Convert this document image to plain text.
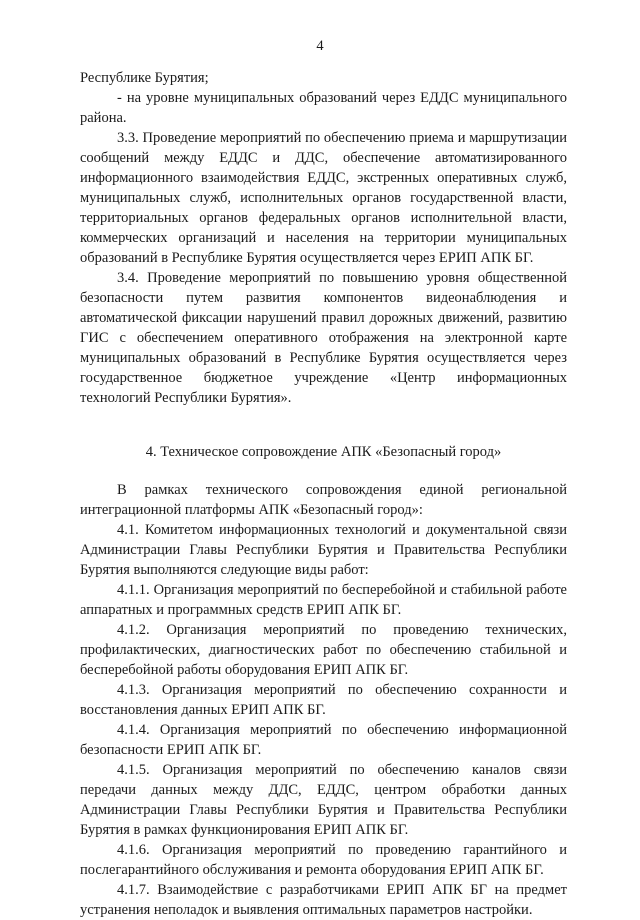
4

Республике Бурятия;

- на уровне муниципальных образований через ЕДДС муниципального района.

3.3. Проведение мероприятий по обеспечению приема и маршрутизации сообщений между ЕДДС и ДДС, обеспечение автоматизированного информационного взаимодействия ЕДДС, экстренных оперативных служб, муниципальных служб, исполнительных органов государственной власти, территориальных органов федеральных органов исполнительной власти, коммерческих организаций и населения на территории муниципальных образований в Республике Бурятия осуществляется через ЕРИП АПК БГ.

3.4. Проведение мероприятий по повышению уровня общественной безопасности путем развития компонентов видеонаблюдения и автоматической фиксации нарушений правил дорожных движений, развитию ГИС с обеспечением оперативного отображения на электронной карте муниципальных образований в Республике Бурятия осуществляется через государственное бюджетное учреждение «Центр информационных технологий Республики Бурятия».

4. Техническое сопровождение АПК «Безопасный город»

В рамках технического сопровождения единой региональной интеграционной платформы АПК «Безопасный город»:

4.1. Комитетом информационных технологий и документальной связи Администрации Главы Республики Бурятия и Правительства Республики Бурятия выполняются следующие виды работ:

4.1.1. Организация мероприятий по бесперебойной и стабильной работе аппаратных и программных средств ЕРИП АПК БГ.

4.1.2. Организация мероприятий по проведению технических, профилактических, диагностических работ по обеспечению стабильной и бесперебойной работы оборудования ЕРИП АПК БГ.

4.1.3. Организация мероприятий по обеспечению сохранности и восстановления данных ЕРИП АПК БГ.

4.1.4. Организация мероприятий по обеспечению информационной безопасности ЕРИП АПК БГ.

4.1.5. Организация мероприятий по обеспечению каналов связи передачи данных между ДДС, ЕДДС, центром обработки данных Администрации Главы Республики Бурятия и Правительства Республики Бурятия в рамках функционирования ЕРИП АПК БГ.

4.1.6. Организация мероприятий по проведению гарантийного и послегарантийного обслуживания и ремонта оборудования ЕРИП АПК БГ.

4.1.7. Взаимодействие с разработчиками ЕРИП АПК БГ на предмет устранения неполадок и выявления оптимальных параметров настройки.
